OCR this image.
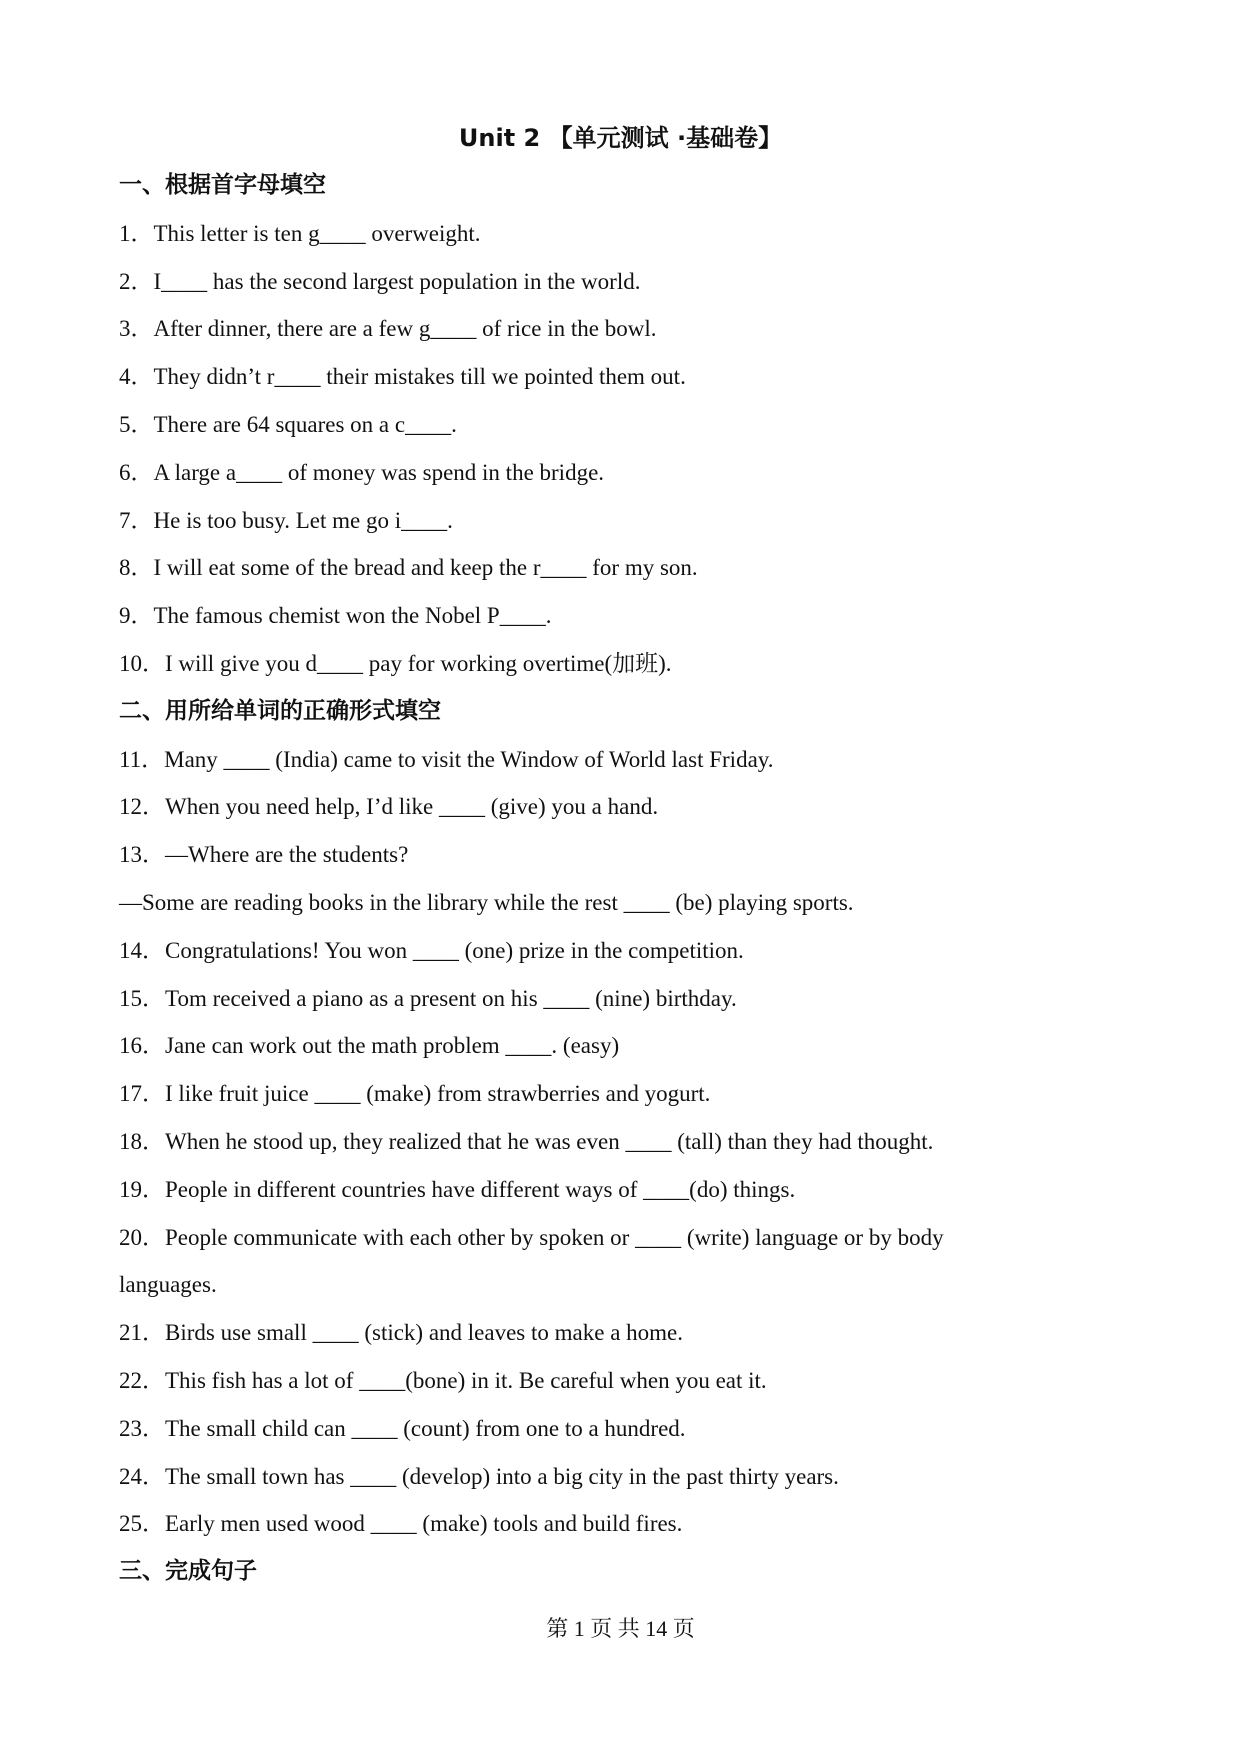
Unit 2 【单元测试 ·基础卷】
一、根据首字母填空
1．This letter is ten g____ overweight.
2．I____ has the second largest population in the world.
3．After dinner, there are a few g____ of rice in the bowl.
4．They didn’t r____ their mistakes till we pointed them out.
5．There are 64 squares on a c____.
6．A large a____ of money was spend in the bridge.
7．He is too busy. Let me go i____.
8．I will eat some of the bread and keep the r____ for my son.
9．The famous chemist won the Nobel P____.
10．I will give you d____ pay for working overtime(加班).
二、用所给单词的正确形式填空
11．Many ____ (India) came to visit the Window of World last Friday.
12．When you need help, I’d like ____ (give) you a hand.
13．—Where are the students?
—Some are reading books in the library while the rest ____ (be) playing sports.
14．Congratulations! You won ____ (one) prize in the competition.
15．Tom received a piano as a present on his ____ (nine) birthday.
16．Jane can work out the math problem ____. (easy)
17．I like fruit juice ____ (make) from strawberries and yogurt.
18．When he stood up, they realized that he was even ____ (tall) than they had thought.
19．People in different countries have different ways of ____(do) things.
20．People communicate with each other by spoken or ____ (write) language or by body
languages.
21．Birds use small ____ (stick) and leaves to make a home.
22．This fish has a lot of ____(bone) in it. Be careful when you eat it.
23．The small child can ____ (count) from one to a hundred.
24．The small town has ____ (develop) into a big city in the past thirty years.
25．Early men used wood ____ (make) tools and build fires.
三、完成句子
第 1 页 共 14 页
